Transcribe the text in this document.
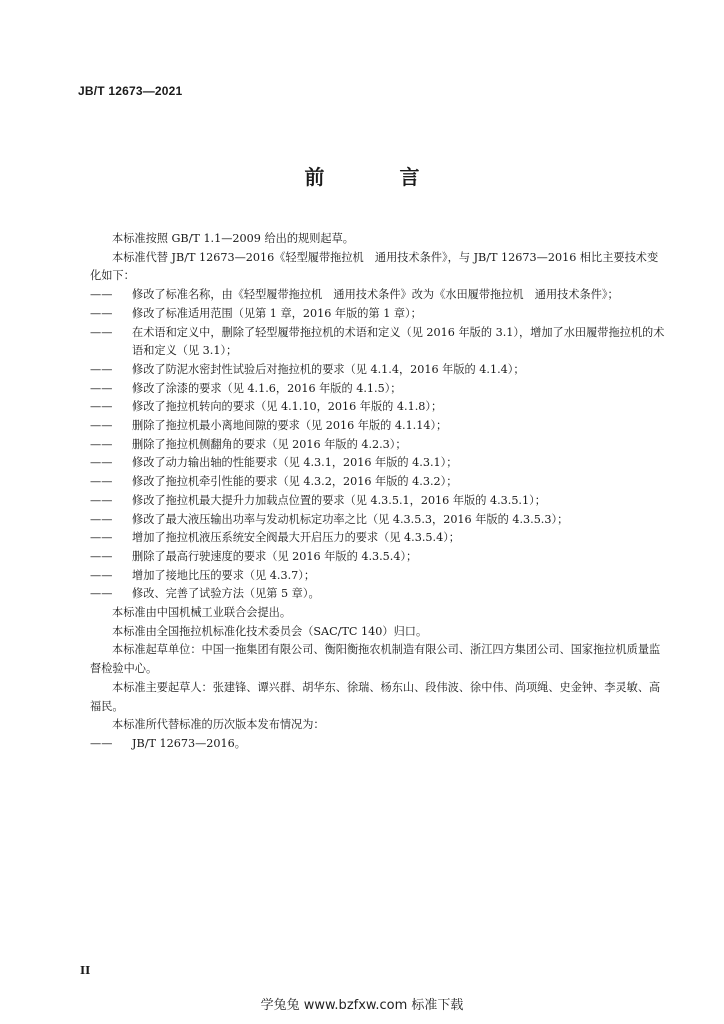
JB/T 12673—2021
前 言

本标准按照 GB/T 1.1—2009 给出的规则起草。

本标准代替 JB/T 12673—2016《轻型履带拖拉机　通用技术条件》，与 JB/T 12673—2016 相比主要技术变化如下：

—— 修改了标准名称，由《轻型履带拖拉机　通用技术条件》改为《水田履带拖拉机　通用技术条件》；

—— 修改了标准适用范围（见第 1 章，2016 年版的第 1 章）；

—— 在术语和定义中，删除了轻型履带拖拉机的术语和定义（见 2016 年版的 3.1），增加了水田履带拖拉机的术语和定义（见 3.1）；

—— 修改了防泥水密封性试验后对拖拉机的要求（见 4.1.4，2016 年版的 4.1.4）；

—— 修改了涂漆的要求（见 4.1.6，2016 年版的 4.1.5）；

—— 修改了拖拉机转向的要求（见 4.1.10，2016 年版的 4.1.8）；

—— 删除了拖拉机最小离地间隙的要求（见 2016 年版的 4.1.14）；

—— 删除了拖拉机侧翻角的要求（见 2016 年版的 4.2.3）；

—— 修改了动力输出轴的性能要求（见 4.3.1，2016 年版的 4.3.1）；

—— 修改了拖拉机牵引性能的要求（见 4.3.2，2016 年版的 4.3.2）；

—— 修改了拖拉机最大提升力加载点位置的要求（见 4.3.5.1，2016 年版的 4.3.5.1）；

—— 修改了最大液压输出功率与发动机标定功率之比（见 4.3.5.3，2016 年版的 4.3.5.3）；

—— 增加了拖拉机液压系统安全阀最大开启压力的要求（见 4.3.5.4）；

—— 删除了最高行驶速度的要求（见 2016 年版的 4.3.5.4）；

—— 增加了接地比压的要求（见 4.3.7）；

—— 修改、完善了试验方法（见第 5 章）。

本标准由中国机械工业联合会提出。

本标准由全国拖拉机标准化技术委员会（SAC/TC 140）归口。

本标准起草单位：中国一拖集团有限公司、衡阳衡拖农机制造有限公司、浙江四方集团公司、国家拖拉机质量监督检验中心。

本标准主要起草人：张建锋、谭兴群、胡华东、徐瑞、杨东山、段伟波、徐中伟、尚项绳、史金钟、李灵敏、高福民。

本标准所代替标准的历次版本发布情况为：

—— JB/T 12673—2016。

II
学兔兔 www.bzfxw.com 标准下载
